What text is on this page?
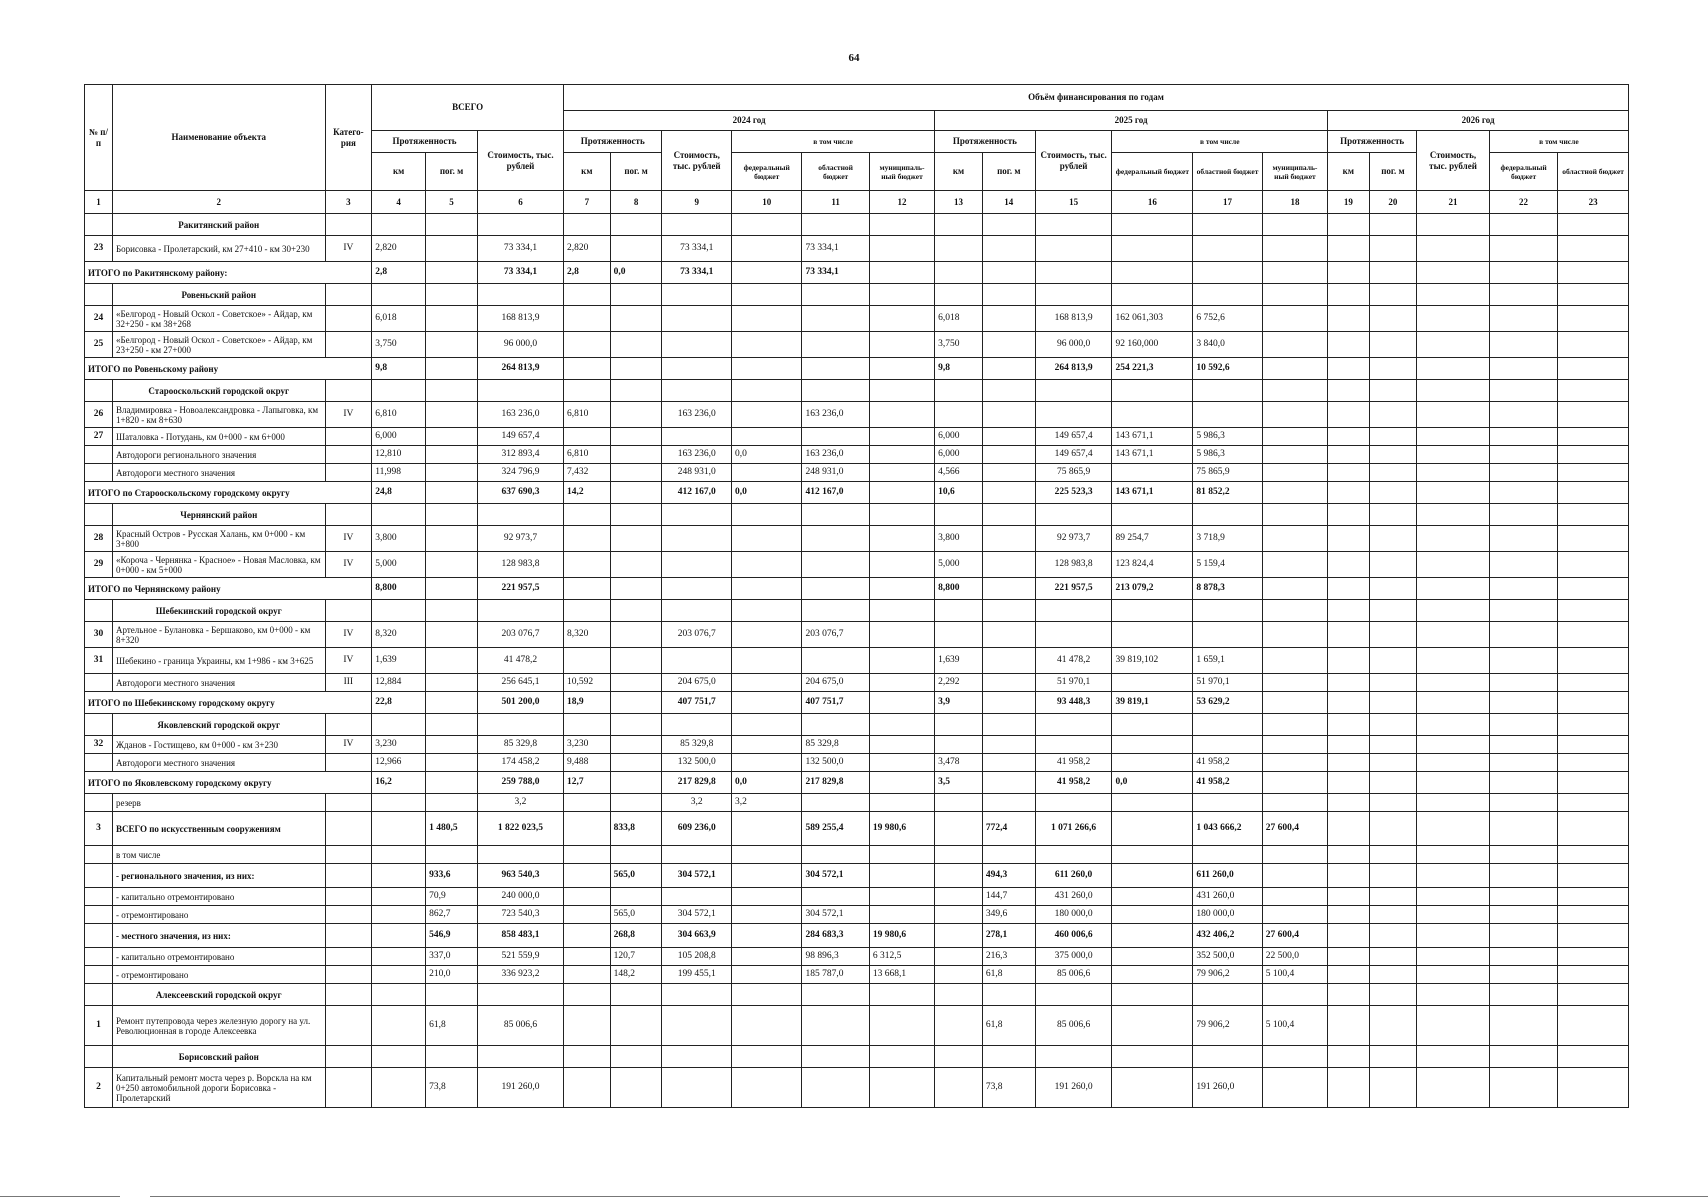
64
№ п/п	Наименование объекта	Катего-рия	ВСЕГО			Объём финансирования по годам																
						2024 год						2025 год						2026 год				
			Протяженность		Стоимость, тыс. рублей	Протяженность		Стоимость, тыс. рублей	в том числе			Протяженность		Стоимость, тыс. рублей	в том числе			Протяженность		Стоимость, тыс. рублей	в том числе	
			км	пог. м		км	пог. м		федеральный бюджет	областной бюджет	муниципаль-ный бюджет	км	пог. м		федеральный бюджет	областной бюджет	муниципаль-ный бюджет	км	пог. м		федеральный бюджет	областной бюджет
1	2	3	4	5	6	7	8	9	10	11	12	13	14	15	16	17	18	19	20	21	22	23
	Ракитянский район																					
23	Борисовка - Пролетарский, км 27+410 - км 30+230	IV	2,820		73 334,1	2,820		73 334,1		73 334,1												
ИТОГО по Ракитянскому району:			2,8		73 334,1	2,8	0,0	73 334,1		73 334,1												
	Ровеньский район																					
24	«Белгород - Новый Оскол - Советское» - Айдар, км 32+250 - км 38+268		6,018		168 813,9							6,018		168 813,9	162 061,303	6 752,6						
25	«Белгород - Новый Оскол - Советское» - Айдар, км 23+250 - км 27+000		3,750		96 000,0							3,750		96 000,0	92 160,000	3 840,0						
ИТОГО по Ровеньскому району			9,8		264 813,9							9,8		264 813,9	254 221,3	10 592,6						
	Старооскольский городской округ																					
26	Владимировка - Новоалександровка - Лапыговка, км 1+820 - км 8+630	IV	6,810		163 236,0	6,810		163 236,0		163 236,0												
27	Шаталовка - Потудань, км 0+000 - км 6+000		6,000		149 657,4							6,000		149 657,4	143 671,1	5 986,3						
	Автодороги регионального значения		12,810		312 893,4	6,810		163 236,0	0,0	163 236,0		6,000		149 657,4	143 671,1	5 986,3						
	Автодороги местного значения		11,998		324 796,9	7,432		248 931,0		248 931,0		4,566		75 865,9		75 865,9						
ИТОГО по Старооскольскому городскому округу			24,8		637 690,3	14,2		412 167,0	0,0	412 167,0		10,6		225 523,3	143 671,1	81 852,2						
	Чернянский район																					
28	Красный Остров - Русская Халань, км 0+000 - км 3+800	IV	3,800		92 973,7							3,800		92 973,7	89 254,7	3 718,9						
29	«Короча - Чернянка - Красное» - Новая Масловка, км 0+000 - км 5+000	IV	5,000		128 983,8							5,000		128 983,8	123 824,4	5 159,4						
ИТОГО по Чернянскому району			8,800		221 957,5							8,800		221 957,5	213 079,2	8 878,3						
	Шебекинский городской округ																					
30	Артельное - Булановка - Бершаково, км 0+000 - км 8+320	IV	8,320		203 076,7	8,320		203 076,7		203 076,7												
31	Шебекино - граница Украины, км 1+986 - км 3+625	IV	1,639		41 478,2							1,639		41 478,2	39 819,102	1 659,1						
	Автодороги местного значения	III	12,884		256 645,1	10,592		204 675,0		204 675,0		2,292		51 970,1		51 970,1						
ИТОГО по Шебекинскому городскому округу			22,8		501 200,0	18,9		407 751,7		407 751,7		3,9		93 448,3	39 819,1	53 629,2						
	Яковлевский городской округ																					
32	Жданов - Гостищево, км 0+000 - км 3+230	IV	3,230		85 329,8	3,230		85 329,8		85 329,8												
	Автодороги местного значения		12,966		174 458,2	9,488		132 500,0		132 500,0		3,478		41 958,2		41 958,2						
ИТОГО по Яковлевскому городскому округу			16,2		259 788,0	12,7		217 829,8	0,0	217 829,8		3,5		41 958,2	0,0	41 958,2						
	резерв				3,2			3,2	3,2													
3	ВСЕГО по искусственным сооружениям			1 480,5	1 822 023,5		833,8	609 236,0		589 255,4	19 980,6		772,4	1 071 266,6		1 043 666,2	27 600,4					
	в том числе																					
	- регионального значения, из них:			933,6	963 540,3		565,0	304 572,1		304 572,1			494,3	611 260,0		611 260,0						
	- капитально отремонтировано			70,9	240 000,0								144,7	431 260,0		431 260,0						
	- отремонтировано			862,7	723 540,3		565,0	304 572,1		304 572,1			349,6	180 000,0		180 000,0						
	- местного значения, из них:			546,9	858 483,1		268,8	304 663,9		284 683,3	19 980,6		278,1	460 006,6		432 406,2	27 600,4					
	- капитально отремонтировано			337,0	521 559,9		120,7	105 208,8		98 896,3	6 312,5		216,3	375 000,0		352 500,0	22 500,0					
	- отремонтировано			210,0	336 923,2		148,2	199 455,1		185 787,0	13 668,1		61,8	85 006,6		79 906,2	5 100,4					
	Алексеевский городской округ																					
1	Ремонт путепровода через железную дорогу на ул. Революционная в городе Алексеевка			61,8	85 006,6								61,8	85 006,6		79 906,2	5 100,4					
	Борисовский район																					
2	Капитальный ремонт моста через р. Ворскла на км 0+250 автомобильной дороги Борисовка - Пролетарский			73,8	191 260,0								73,8	191 260,0		191 260,0						
